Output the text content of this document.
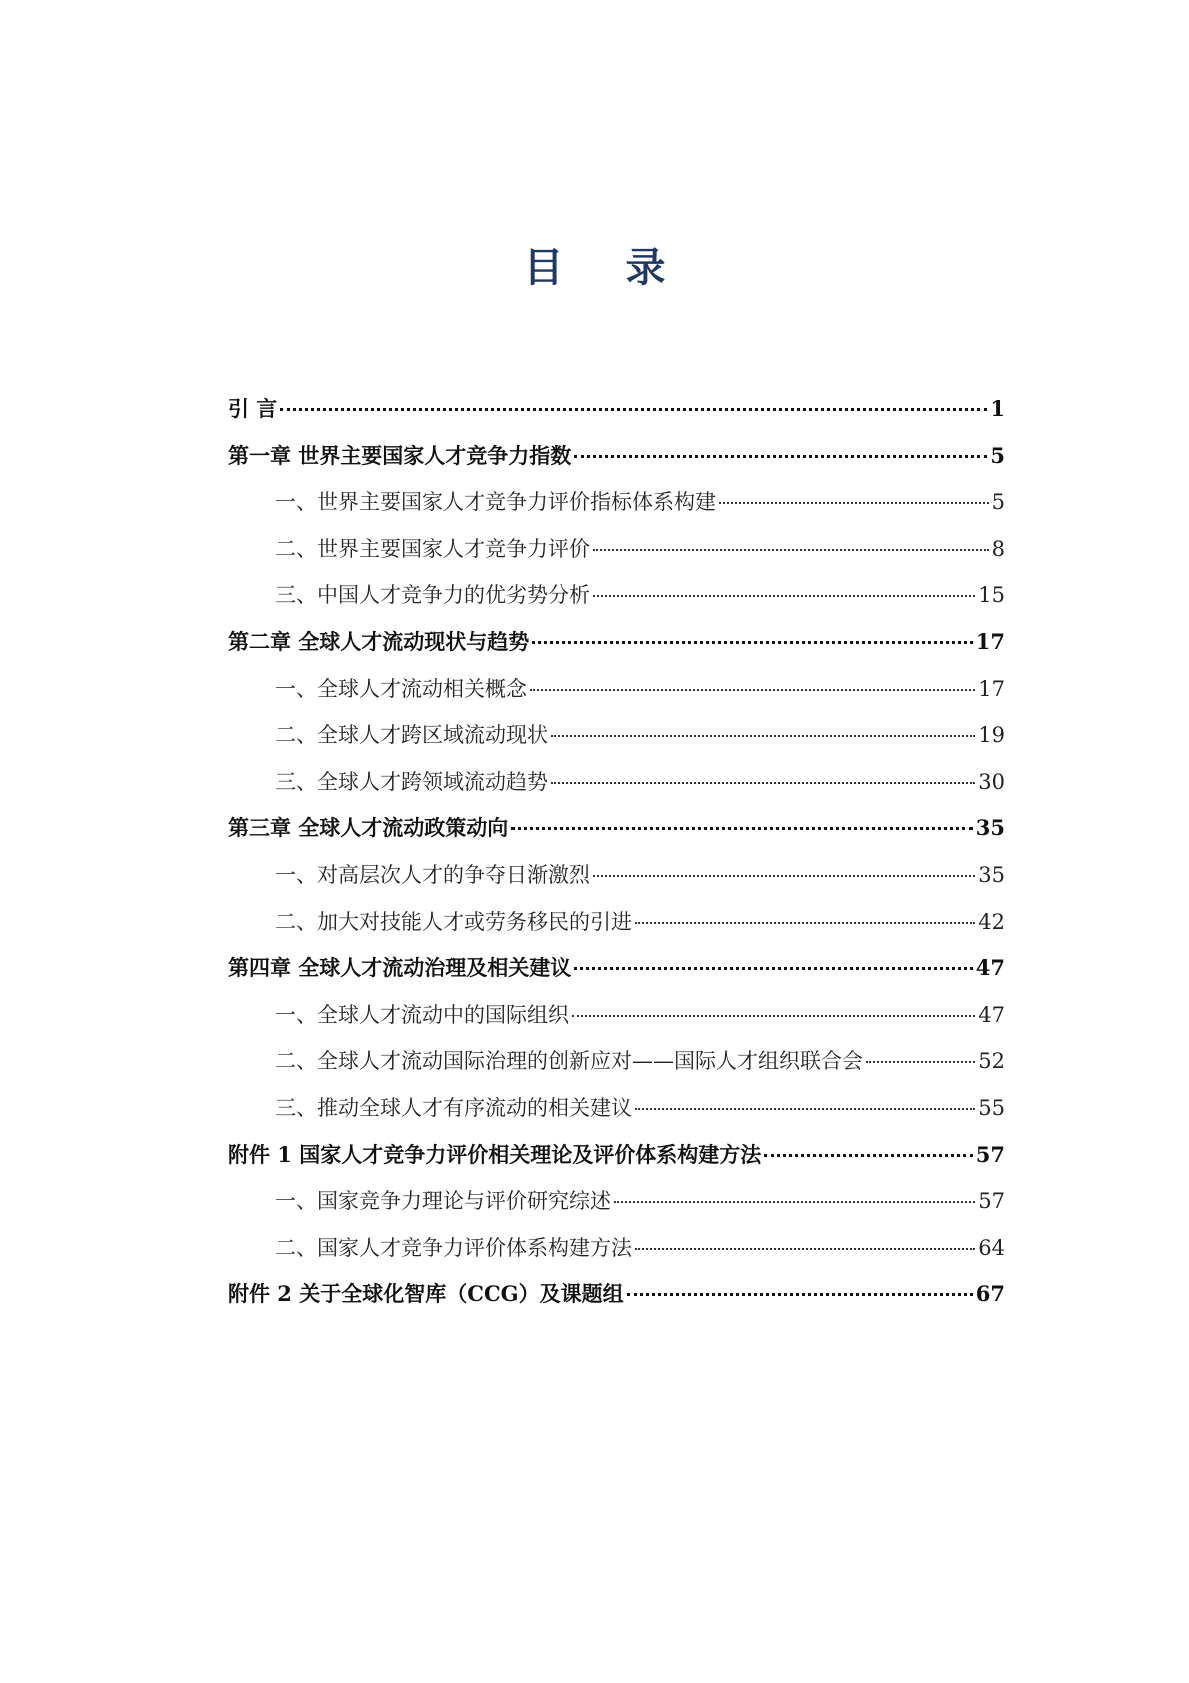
目 录
引 言	1
第一章 世界主要国家人才竞争力指数	5
一、世界主要国家人才竞争力评价指标体系构建	5
二、世界主要国家人才竞争力评价	8
三、中国人才竞争力的优劣势分析	15
第二章 全球人才流动现状与趋势	17
一、全球人才流动相关概念	17
二、全球人才跨区域流动现状	19
三、全球人才跨领域流动趋势	30
第三章 全球人才流动政策动向	35
一、对高层次人才的争夺日渐激烈	35
二、加大对技能人才或劳务移民的引进	42
第四章 全球人才流动治理及相关建议	47
一、全球人才流动中的国际组织	47
二、全球人才流动国际治理的创新应对——国际人才组织联合会	52
三、推动全球人才有序流动的相关建议	55
附件 1 国家人才竞争力评价相关理论及评价体系构建方法	57
一、国家竞争力理论与评价研究综述	57
二、国家人才竞争力评价体系构建方法	64
附件 2 关于全球化智库（CCG）及课题组	67
